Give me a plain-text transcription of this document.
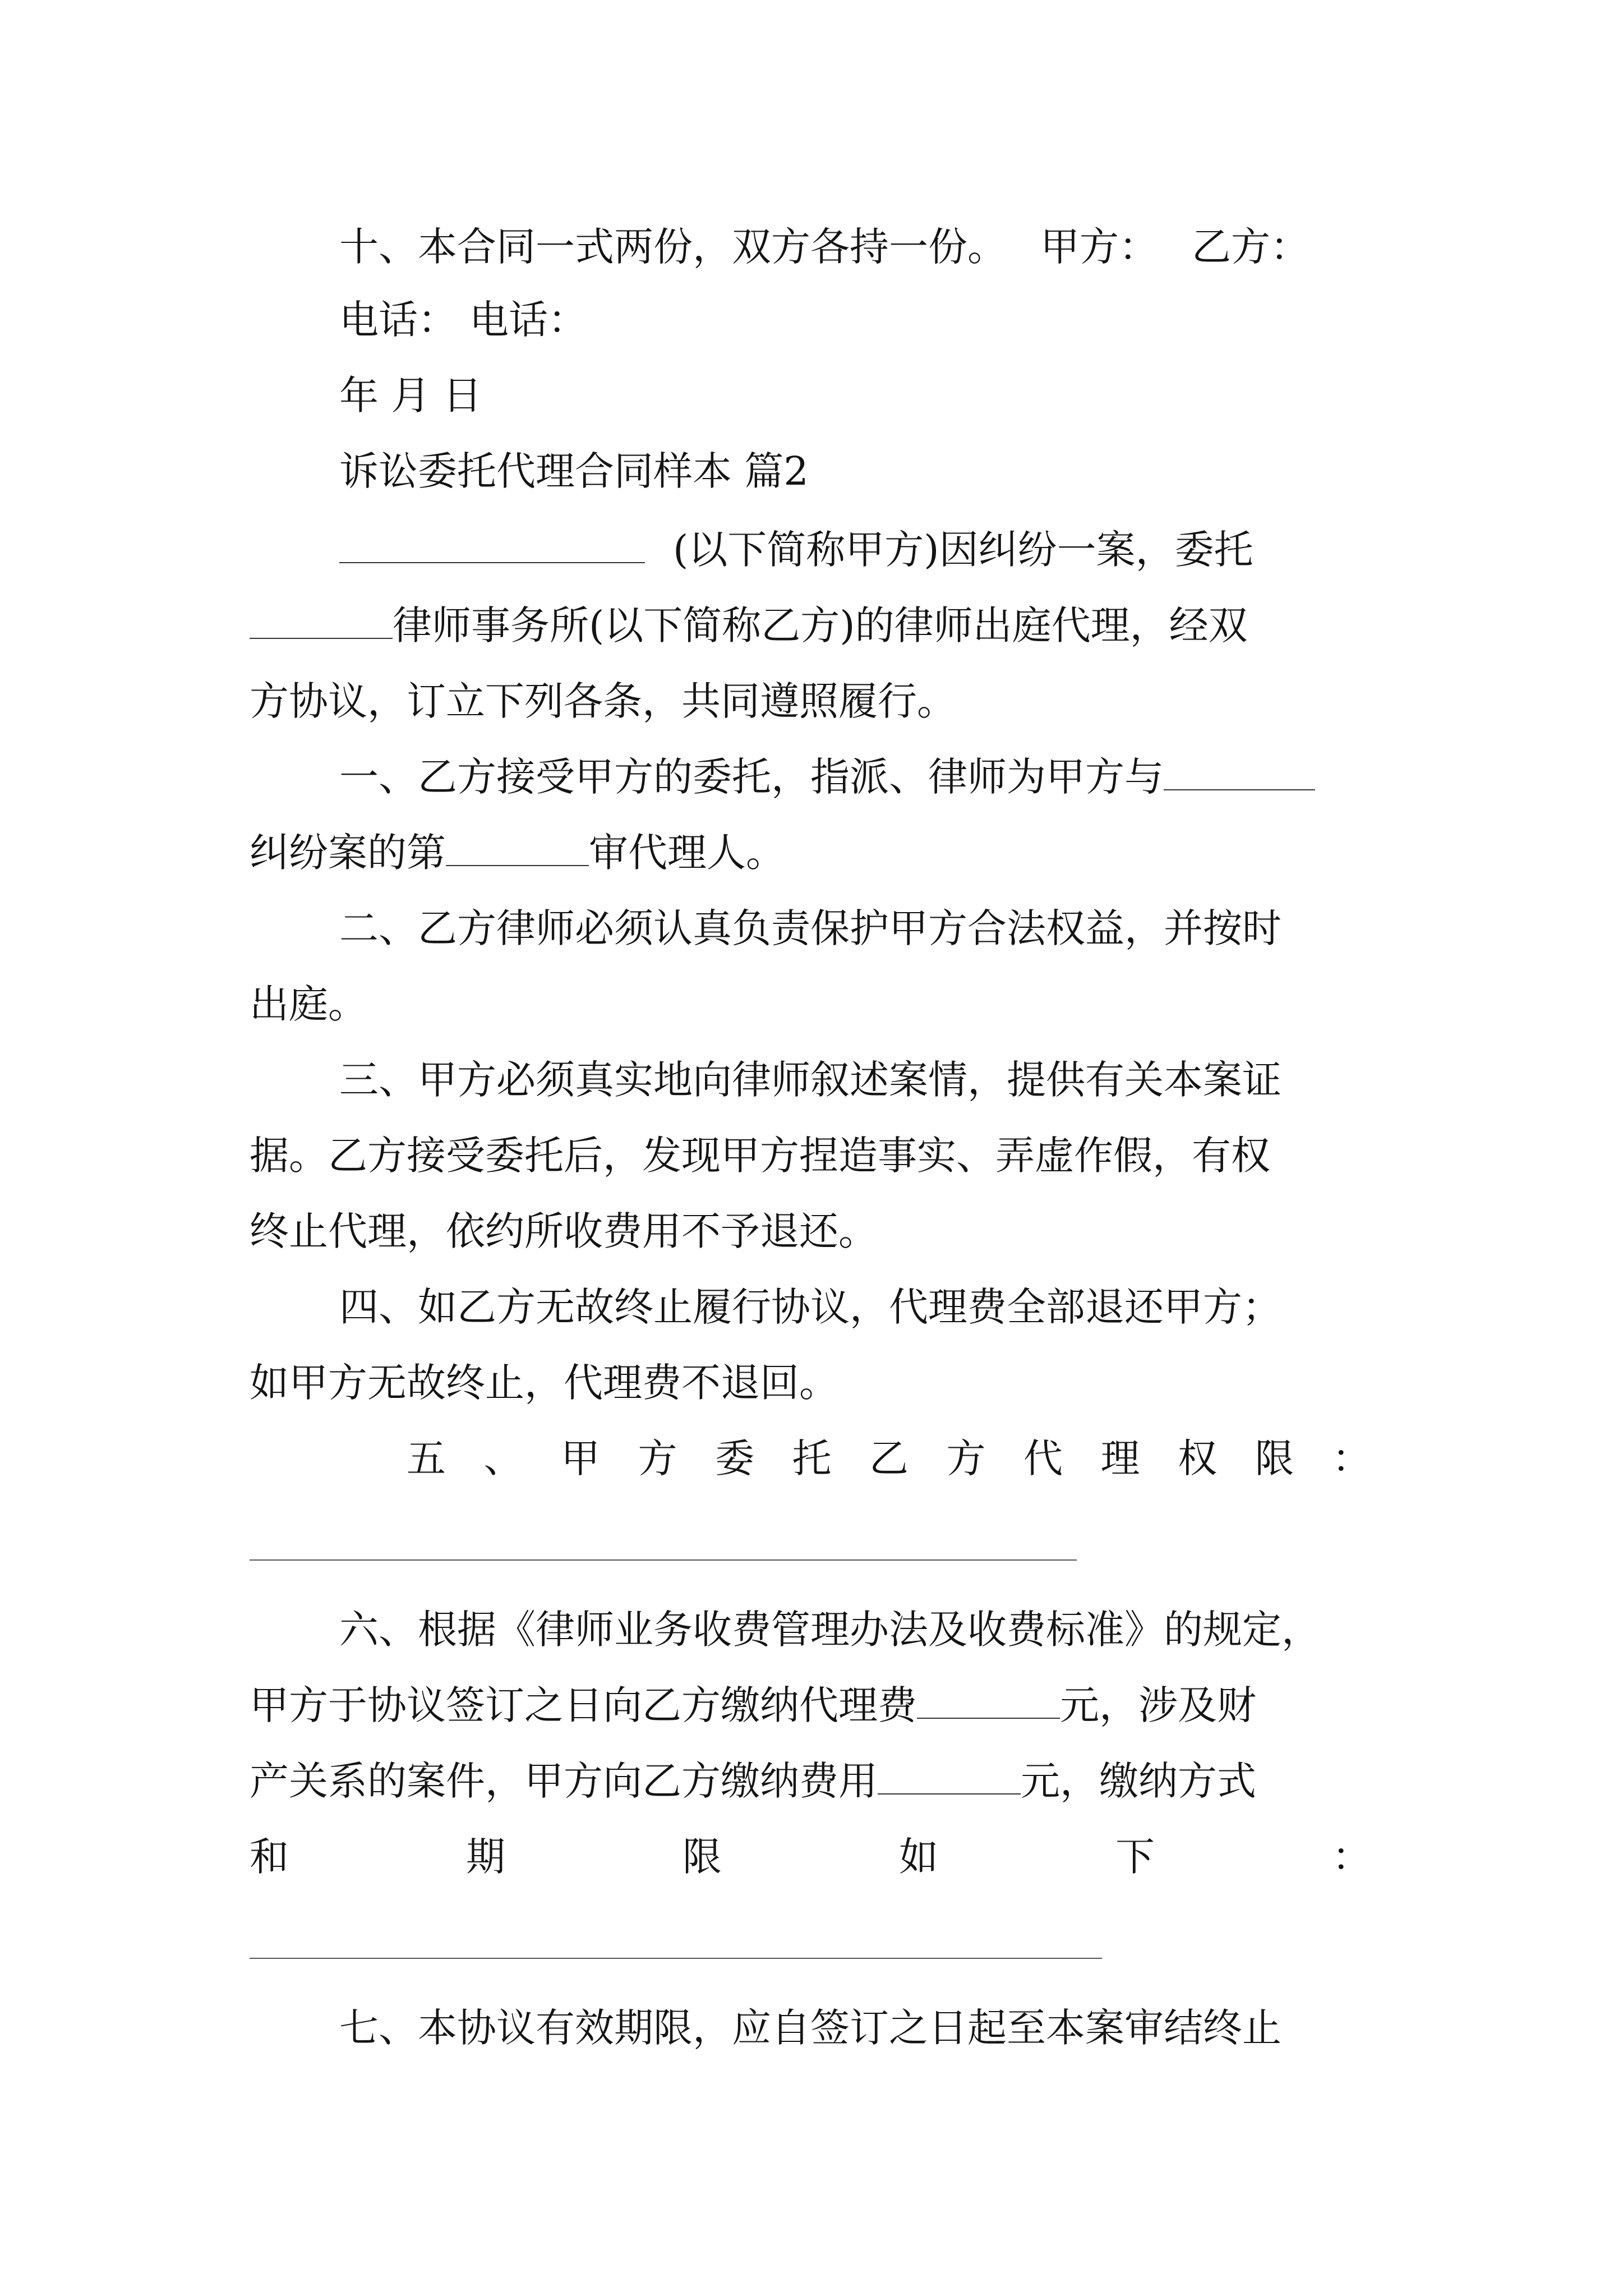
十、本合同一式两份，双方各持一份。 甲方： 乙方：
电话： 电话：
年 月 日
诉讼委托代理合同样本 篇2
(以下简称甲方)因纠纷一案，委托
律师事务所(以下简称乙方)的律师出庭代理，经双
方协议，订立下列各条，共同遵照履行。
一、乙方接受甲方的委托，指派、律师为甲方与
纠纷案的第	审代理人。
二、乙方律师必须认真负责保护甲方合法权益，并按时
出庭。
三、甲方必须真实地向律师叙述案情，提供有关本案证
据。乙方接受委托后，发现甲方捏造事实、弄虚作假，有权
终止代理，依约所收费用不予退还。
四、如乙方无故终止履行协议，代理费全部退还甲方；
如甲方无故终止，代理费不退回。
五 、 甲 方 委 托 乙 方 代 理 权 限 ：
六、根据《律师业务收费管理办法及收费标准》的规定，
甲方于协议签订之日向乙方缴纳代理费	元，涉及财
产关系的案件，甲方向乙方缴纳费用	元，缴纳方式
和	期	限	如	下	：
七、本协议有效期限，应自签订之日起至本案审结终止
